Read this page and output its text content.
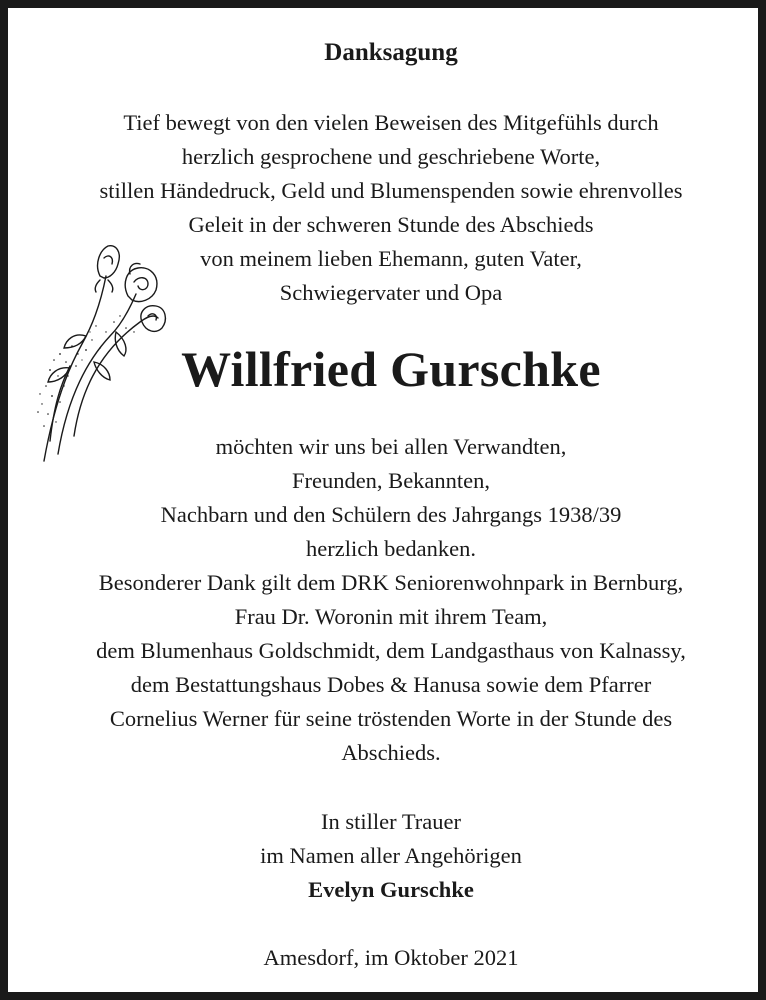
Danksagung
Tief bewegt von den vielen Beweisen des Mitgefühls durch
herzlich gesprochene und geschriebene Worte,
stillen Händedruck, Geld und Blumenspenden sowie ehrenvolles
Geleit in der schweren Stunde des Abschieds
von meinem lieben Ehemann, guten Vater,
Schwiegervater und Opa
Willfried Gurschke
möchten wir uns bei allen Verwandten,
Freunden, Bekannten,
Nachbarn und den Schülern des Jahrgangs 1938/39
herzlich bedanken.
Besonderer Dank gilt dem DRK Seniorenwohnpark in Bernburg,
Frau Dr. Woronin mit ihrem Team,
dem Blumenhaus Goldschmidt, dem Landgasthaus von Kalnassy,
dem Bestattungshaus Dobes & Hanusa sowie dem Pfarrer
Cornelius Werner für seine tröstenden Worte in der Stunde des
Abschieds.
In stiller Trauer
im Namen aller Angehörigen
Evelyn Gurschke
Amesdorf, im Oktober 2021
